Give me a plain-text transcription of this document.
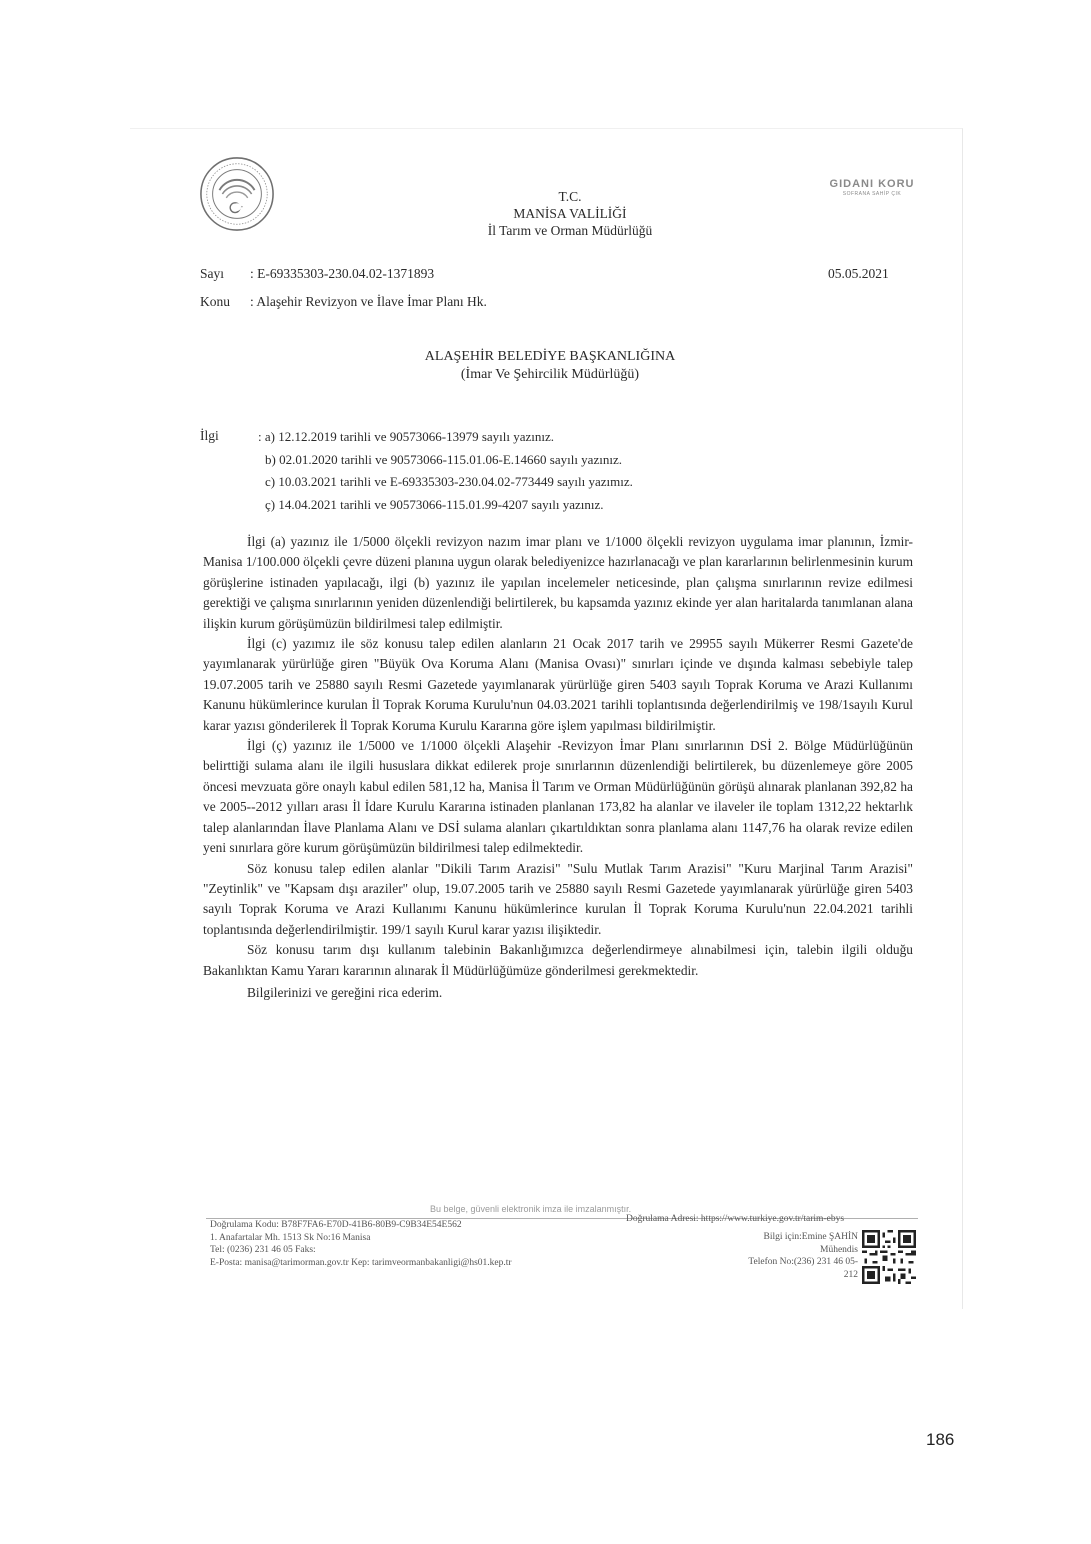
GIDANI KORU
SOFRANA SAHİP ÇIK
T.C.
MANİSA VALİLİĞİ
İl Tarım ve Orman Müdürlüğü
Sayı : E-69335303-230.04.02-1371893
Konu : Alaşehir Revizyon ve İlave İmar Planı Hk.
05.05.2021
ALAŞEHİR BELEDİYE BAŞKANLIĞINA
(İmar Ve Şehircilik Müdürlüğü)
İlgi	: a) 12.12.2019 tarihli ve 90573066-13979 sayılı yazınız.
b) 02.01.2020 tarihli ve 90573066-115.01.06-E.14660 sayılı yazınız.
c) 10.03.2021 tarihli ve E-69335303-230.04.02-773449 sayılı yazımız.
ç) 14.04.2021 tarihli ve 90573066-115.01.99-4207 sayılı yazınız.

İlgi (a) yazınız ile 1/5000 ölçekli revizyon nazım imar planı ve 1/1000 ölçekli revizyon uygulama imar planının, İzmir-Manisa 1/100.000 ölçekli çevre düzeni planına uygun olarak belediyenizce hazırlanacağı ve plan kararlarının belirlenmesinin kurum görüşlerine istinaden yapılacağı, ilgi (b) yazınız ile yapılan incelemeler neticesinde, plan çalışma sınırlarının revize edilmesi gerektiği ve çalışma sınırlarının yeniden düzenlendiği belirtilerek, bu kapsamda yazınız ekinde yer alan haritalarda tanımlanan alana ilişkin kurum görüşümüzün bildirilmesi talep edilmiştir.

İlgi (c) yazımız ile söz konusu talep edilen alanların 21 Ocak 2017 tarih ve 29955 sayılı Mükerrer Resmi Gazete'de yayımlanarak yürürlüğe giren "Büyük Ova Koruma Alanı (Manisa Ovası)" sınırları içinde ve dışında kalması sebebiyle talep 19.07.2005 tarih ve 25880 sayılı Resmi Gazetede yayımlanarak yürürlüğe giren 5403 sayılı Toprak Koruma ve Arazi Kullanımı Kanunu hükümlerince kurulan İl Toprak Koruma Kurulu'nun 04.03.2021 tarihli toplantısında değerlendirilmiş ve 198/1sayılı Kurul karar yazısı gönderilerek İl Toprak Koruma Kurulu Kararına göre işlem yapılması bildirilmiştir.

İlgi (ç) yazınız ile 1/5000 ve 1/1000 ölçekli Alaşehir -Revizyon İmar Planı sınırlarının DSİ 2. Bölge Müdürlüğünün belirttiği sulama alanı ile ilgili hususlara dikkat edilerek proje sınırlarının düzenlendiği belirtilerek, bu düzenlemeye göre 2005 öncesi mevzuata göre onaylı kabul edilen 581,12 ha, Manisa İl Tarım ve Orman Müdürlüğünün görüşü alınarak planlanan 392,82 ha ve 2005--2012 yılları arası İl İdare Kurulu Kararına istinaden planlanan 173,82 ha alanlar ve ilaveler ile toplam 1312,22 hektarlık talep alanlarından İlave Planlama Alanı ve DSİ sulama alanları çıkartıldıktan sonra planlama alanı 1147,76 ha olarak revize edilen yeni sınırlara göre kurum görüşümüzün bildirilmesi talep edilmektedir.

Söz konusu talep edilen alanlar "Dikili Tarım Arazisi" "Sulu Mutlak Tarım Arazisi" "Kuru Marjinal Tarım Arazisi" "Zeytinlik" ve "Kapsam dışı araziler" olup, 19.07.2005 tarih ve 25880 sayılı Resmi Gazetede yayımlanarak yürürlüğe giren 5403 sayılı Toprak Koruma ve Arazi Kullanımı Kanunu hükümlerince kurulan İl Toprak Koruma Kurulu'nun 22.04.2021 tarihli toplantısında değerlendirilmiştir. 199/1 sayılı Kurul karar yazısı ilişiktedir.

Söz konusu tarım dışı kullanım talebinin Bakanlığımızca değerlendirmeye alınabilmesi için, talebin ilgili olduğu Bakanlıktan Kamu Yararı kararının alınarak İl Müdürlüğümüze gönderilmesi gerekmektedir.

Bilgilerinizi ve gereğini rica ederim.

Bu belge, güvenli elektronik imza ile imzalanmıştır.
Doğrulama Kodu: B78F7FA6-E70D-41B6-80B9-C9B34E54E562
1. Anafartalar Mh. 1513 Sk No:16 Manisa
Tel: (0236) 231 46 05 Faks:
E-Posta: manisa@tarimorman.gov.tr Kep: tarimveormanbakanligi@hs01.kep.tr
Doğrulama Adresi: https://www.turkiye.gov.tr/tarim-ebys
Bilgi için:Emine ŞAHİN
Mühendis
Telefon No:(236) 231 46 05-
212
186
